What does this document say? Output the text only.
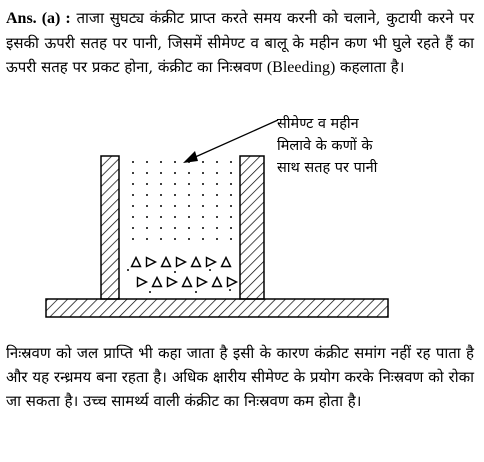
Ans. (a) : ताजा सुघट्य कंक्रीट प्राप्त करते समय करनी को चलाने, कुटायी करने पर इसकी ऊपरी सतह पर पानी, जिसमें सीमेण्ट व बालू के महीन कण भी घुले रहते हैं का ऊपरी सतह पर प्रकट होना, कंक्रीट का निःस्रवण (Bleeding) कहलाता है।

सीमेण्ट व महीन
मिलावे के कणों के
साथ सतह पर पानी

निःस्रवण को जल प्राप्ति भी कहा जाता है इसी के कारण कंक्रीट समांग नहीं रह पाता है और यह रन्ध्रमय बना रहता है। अधिक क्षारीय सीमेण्ट के प्रयोग करके निःस्रवण को रोका जा सकता है। उच्च सामर्थ्य वाली कंक्रीट का निःस्रवण कम होता है।
